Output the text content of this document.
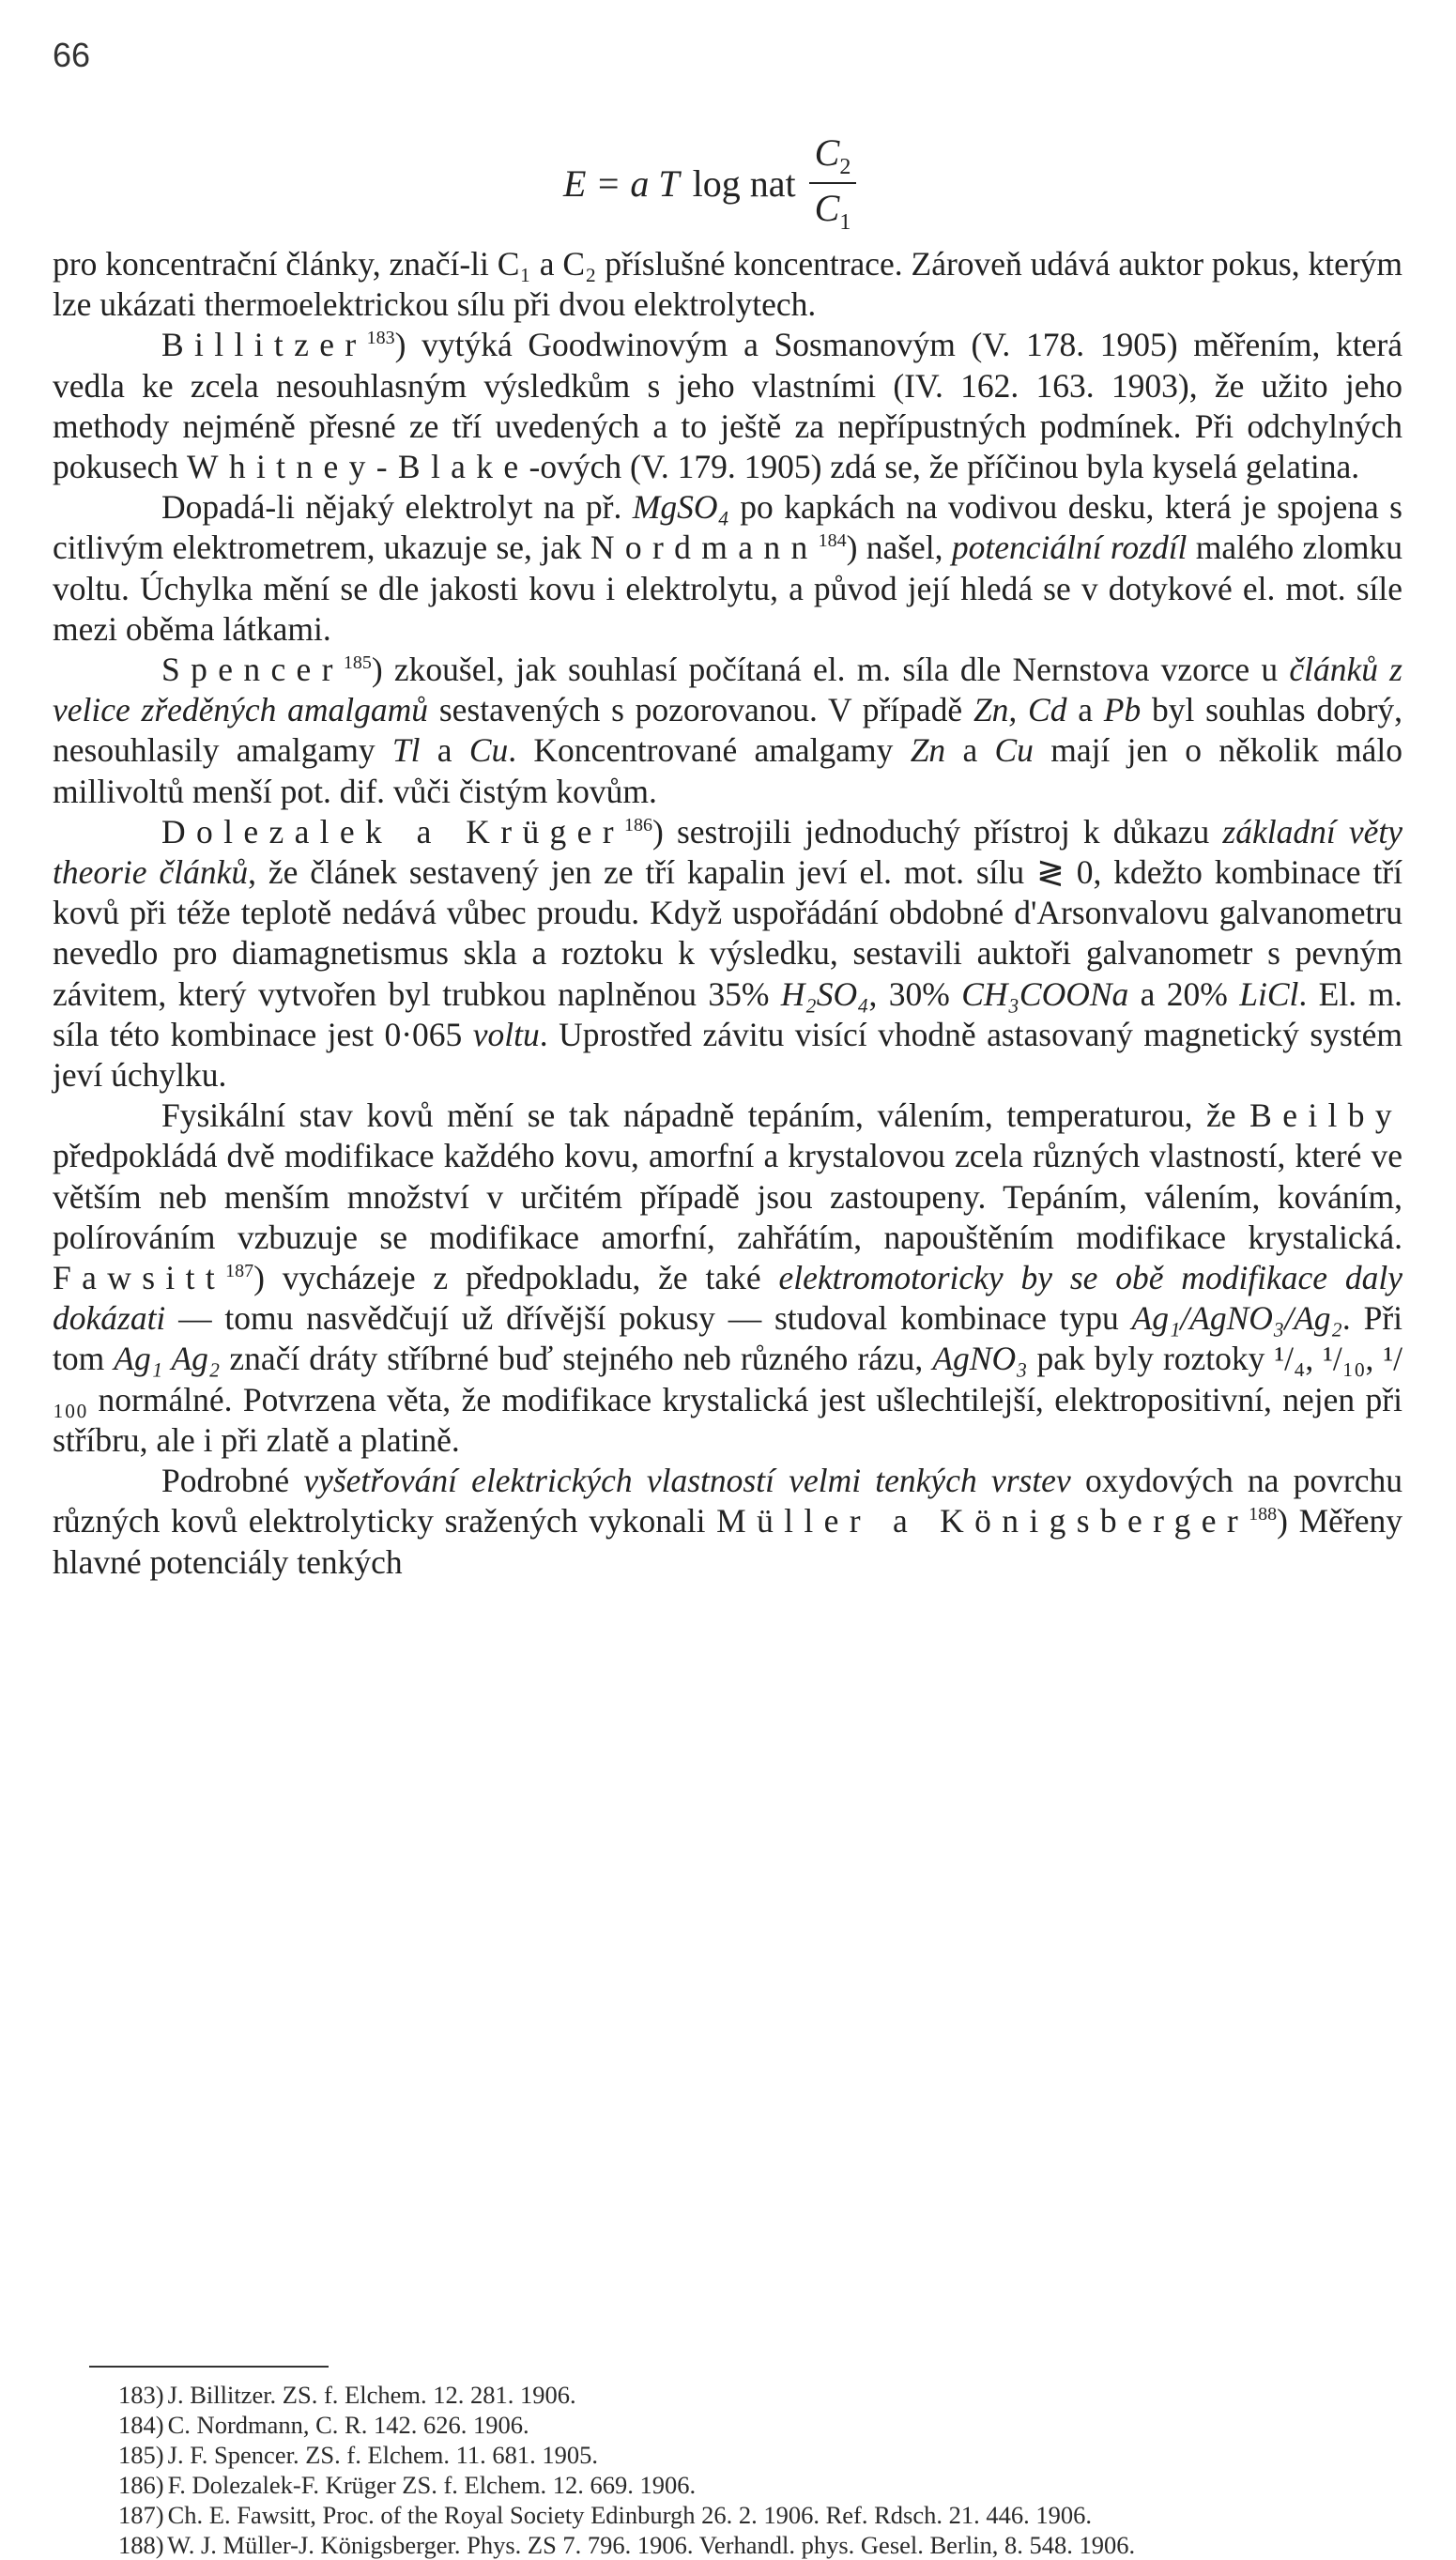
66
E = a T log nat $\frac{C_2}{C_1}$

pro koncentrační články, značí-li C₁ a C₂ příslušné koncentrace. Zároveň udává auktor pokus, kterým lze ukázati thermoelektrickou sílu při dvou elektrolytech.

Billitzer$^{183}$) vytýká Goodwinovým a Sosmanovým (V. 178. 1905) měřením, která vedla ke zcela nesouhlasným výsledkům s jeho vlastními (IV. 162. 163. 1903), že užito jeho methody nejméně přesné ze tří uvedených a to ještě za nepřípustných podmínek. Při odchylných pokusech Whitney-Blake-ových (V. 179. 1905) zdá se, že příčinou byla kyselá gelatina.

Dopadá-li nějaký elektrolyt na př. MgSO₄ po kapkách na vodivou desku, která je spojena s citlivým elektrometrem, ukazuje se, jak Nordmann$^{184}$) našel, potenciální rozdíl malého zlomku voltu. Úchylka mění se dle jakosti kovu i elektrolytu, a původ její hledá se v dotykové el. mot. síle mezi oběma látkami.

Spencer$^{185}$) zkoušel, jak souhlasí počítaná el. m. síla dle Nernstova vzorce u článků z velice zředěných amalgamů sestavených s pozorovanou. V případě Zn, Cd a Pb byl souhlas dobrý, nesouhlasily amalgamy Tl a Cu. Koncentrované amalgamy Zn a Cu mají jen o několik málo millivoltů menší pot. dif. vůči čistým kovům.

Dolezalek a Krüger$^{186}$) sestrojili jednoduchý přístroj k důkazu základní věty theorie článků, že článek sestavený jen ze tří kapalin jeví el. mot. sílu ≷ 0, kdežto kombinace tří kovů při téže teplotě nedává vůbec proudu. Když uspořádání obdobné d'Arsonvalovu galvanometru nevedlo pro diamagnetismus skla a roztoku k výsledku, sestavili auktoři galvanometr s pevným závitem, který vytvořen byl trubkou naplněnou 35% H₂SO₄, 30% CH₃COONa a 20% LiCl. El. m. síla této kombinace jest 0·065 voltu. Uprostřed závitu visící vhodně astasovaný magnetický systém jeví úchylku.

Fysikální stav kovů mění se tak nápadně tepáním, válením, temperaturou, že Beilby předpokládá dvě modifikace každého kovu, amorfní a krystalovou zcela různých vlastností, které ve větším neb menším množství v určitém případě jsou zastoupeny. Tepáním, válením, kováním, polírováním vzbuzuje se modifikace amorfní, zahřátím, napouštěním modifikace krystalická. Fawsitt$^{187}$) vycházeje z předpokladu, že také elektromotoricky by se obě modifikace daly dokázati — tomu nasvědčují už dřívější pokusy — studoval kombinace typu Ag₁/AgNO₃/Ag₂. Při tom Ag₁ Ag₂ značí dráty stříbrné buď stejného neb různého rázu, AgNO₃ pak byly roztoky ¹/₄, ¹/₁₀, ¹/₁₀₀ normálné. Potvrzena věta, že modifikace krystalická jest ušlechtilejší, elektropositivní, nejen při stříbru, ale i při zlatě a platině.

Podrobné vyšetřování elektrických vlastností velmi tenkých vrstev oxydových na povrchu různých kovů elektrolyticky sražených vykonali Müller a Königsberger$^{188}$) Měřeny hlavné potenciály tenkých

183) J. Billitzer. ZS. f. Elchem. 12. 281. 1906.

184) C. Nordmann, C. R. 142. 626. 1906.

185) J. F. Spencer. ZS. f. Elchem. 11. 681. 1905.

186) F. Dolezalek-F. Krüger ZS. f. Elchem. 12. 669. 1906.

187) Ch. E. Fawsitt, Proc. of the Royal Society Edinburgh 26. 2. 1906. Ref. Rdsch. 21. 446. 1906.

188) W. J. Müller-J. Königsberger. Phys. ZS 7. 796. 1906. Verhandl. phys. Gesel. Berlin, 8. 548. 1906.
